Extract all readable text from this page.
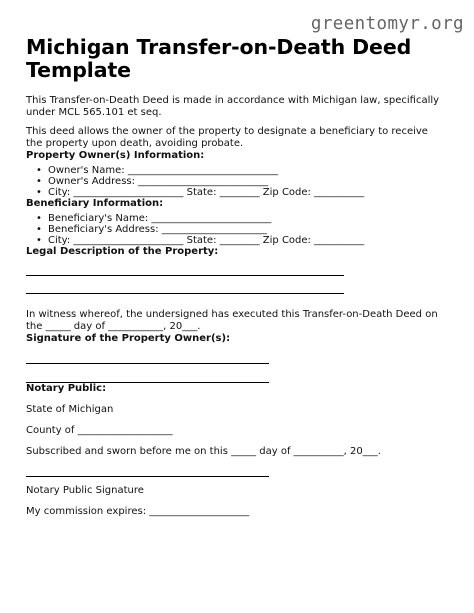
greentomyr.org
Michigan Transfer-on-Death Deed
Template

This Transfer-on-Death Deed is made in accordance with Michigan law, specifically under MCL 565.101 et seq.

This deed allows the owner of the property to designate a beneficiary to receive the property upon death, avoiding probate.

Property Owner(s) Information:
• Owner's Name: ______________________________
• Owner's Address: __________________________
• City: ______________________ State: ________ Zip Code: __________
Beneficiary Information:
• Beneficiary's Name: ________________________
• Beneficiary's Address: _____________________
• City: ______________________ State: ________ Zip Code: __________
Legal Description of the Property:

In witness whereof, the undersigned has executed this Transfer-on-Death Deed on the _____ day of ___________, 20___.

Signature of the Property Owner(s):
Notary Public:

State of Michigan

County of ___________________

Subscribed and sworn before me on this _____ day of __________, 20___.

Notary Public Signature

My commission expires: ____________________
